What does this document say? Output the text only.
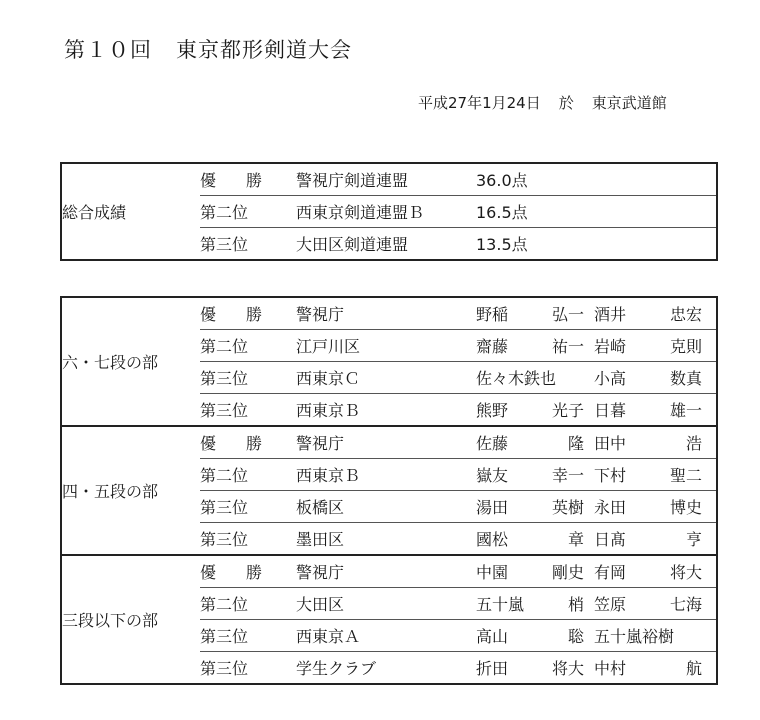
第１０回 東京都形剣道大会
平成27年1月24日 於 東京武道館
総合成績	優 勝	警視庁剣道連盟	36.0点

	第二位	西東京剣道連盟Ｂ	16.5点

	第三位	大田区剣道連盟	13.5点
六・七段の部	優 勝	警視庁	野稲 弘一	酒井 忠宏

	第二位	江戸川区	齋藤 祐一	岩崎 克則

	第三位	西東京Ｃ	佐々木鉄也	小高 数真

	第三位	西東京Ｂ	熊野 光子	日暮 雄一

四・五段の部	優 勝	警視庁	佐藤 隆	田中 浩

	第二位	西東京Ｂ	嶽友 幸一	下村 聖二

	第三位	板橋区	湯田 英樹	永田 博史

	第三位	墨田区	國松 章	日髙 亨

三段以下の部	優 勝	警視庁	中園 剛史	有岡 将大

	第二位	大田区	五十嵐 梢	笠原 七海

	第三位	西東京Ａ	高山 聡	五十嵐裕樹

	第三位	学生クラブ	折田 将大	中村 航
